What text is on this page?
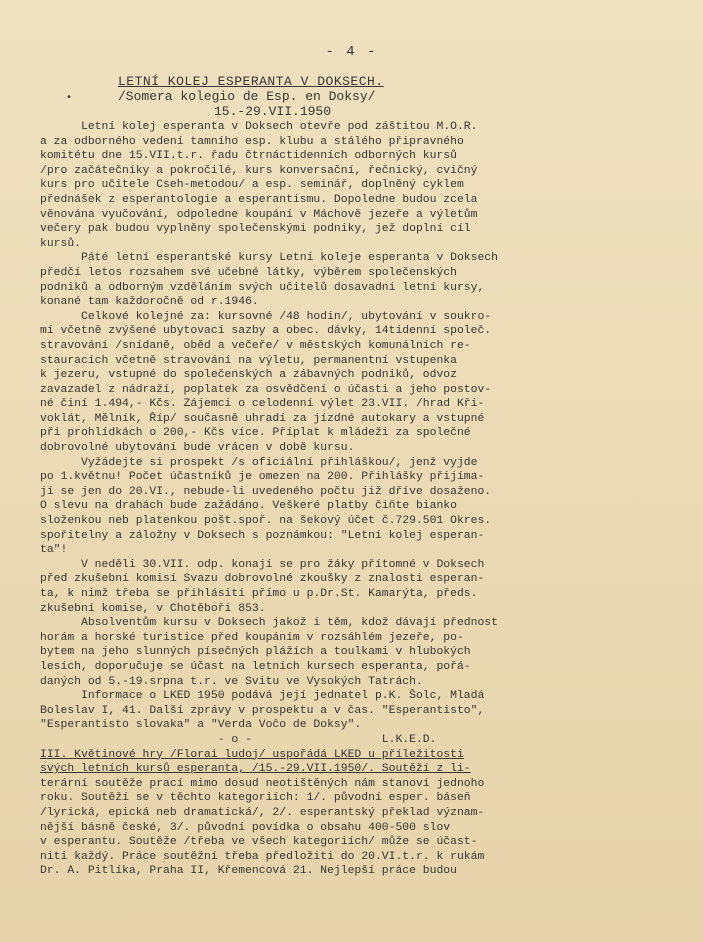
- 4 -
LETNÍ KOLEJ ESPERANTA V DOKSECH.
/Somera kolegio de Esp. en Doksy/
15.-29.VII.1950
•
Letní kolej esperanta v Doksech otevře pod záštitou M.O.R.
a za odborného vedení tamního esp. klubu a stálého připravného
komitétu dne 15.VII.t.r. řadu čtrnáctidenních odborných kursů
/pro začátečníky a pokročilé, kurs konversační, řečnický, cvičný
kurs pro učitele Cseh-metodou/ a esp. seminář, doplněný cyklem
přednášek z esperantologie a esperantismu. Dopoledne budou zcela
věnována vyučování, odpoledne koupání v Máchově jezeře a výletům
večery pak budou vyplněny společenskými podniky, jež doplní cíl
kursů.
Páté letní esperantské kursy Letní koleje esperanta v Doksech
předčí letos rozsahem své učebné látky, výběrem společenských
podniků a odborným vzděláním svých učitelů dosavadní letní kursy,
konané tam každoročně od r.1946.
Celkové kolejné za: kursovné /48 hodin/, ubytování v soukro-
mí včetně zvýšené ubytovací sazby a obec. dávky, 14tidenní společ.
stravování /snídaně, oběd a večeře/ v městských komunálních re-
stauracích včetně stravování na výletu, permanentní vstupenka
k jezeru, vstupné do společenských a zábavných podniků, odvoz
zavazadel z nádraží, poplatek za osvědčení o účasti a jeho postov-
né činí 1.494,- Kčs. Zájemci o celodenní výlet 23.VII. /hrad Kři-
voklát, Mělník, Říp/ současně uhradí za jízdné autokary a vstupné
při prohlídkách o 200,- Kčs více. Příplat k mládeži za společné
dobrovolné ubytování bude vrácen v době kursu.
Vyžádejte si prospekt /s oficiální přihláškou/, jenž vyjde
po 1.květnu! Počet účastníků je omezen na 200. Přihlášky přijíma-
jí se jen do 20.VI., nebude-li uvedeného počtu již dříve dosaženo.
O slevu na drahách bude zažádáno. Veškeré platby čiňte bianko
složenkou neb platenkou pošt.spoř. na šekový účet č.729.501 Okres.
spořitelny a záložny v Doksech s poznámkou: "Letní kolej esperan-
ta"!
V neděli 30.VII. odp. konají se pro žáky přítomné v Doksech
před zkušební komisí Svazu dobrovolné zkoušky z znalosti esperan-
ta, k nimž třeba se přihlásiti přímo u p.Dr.St. Kamarýta, předs.
zkušební komise, v Chotěboři 853.
Absolventům kursu v Doksech jakož i těm, kdož dávají přednost
horám a horské turistice před koupáním v rozsáhlém jezeře, po-
bytem na jeho slunných písečných plážích a toulkami v hlubokých
lesích, doporučuje se účast na letních kursech esperanta, pořá-
daných od 5.-19.srpna t.r. ve Svitu ve Vysokých Tatrách.
Informace o LKED 1950 podává její jednatel p.K. Šolc, Mladá
Boleslav I, 41. Další zprávy v prospektu a v čas. "Esperantisto",
"Esperantisto slovaka" a "Verda Voĉo de Doksy".
- o -                   L.K.E.D.
III. Květinové hry /Florai ludoj/ uspořádá LKED u příležitosti
svých letních kursů esperanta, /15.-29.VII.1950/. Soutěží z li-
terární soutěže prací mimo dosud neotištěných nám stanoví jednoho
roku. Soutěží se v těchto kategoriích: 1/. původní esper. báseň
/lyrická, epická neb dramatická/, 2/. esperantský překlad význam-
nější básně české, 3/. původní povídka o obsahu 400-500 slov
v esperantu. Soutěže /třeba ve všech kategoriích/ může se účast-
niti každý. Práce soutěžní třeba předložiti do 20.VI.t.r. k rukám
Dr. A. Pitlíka, Praha II, Křemencová 21. Nejlepší práce budou
